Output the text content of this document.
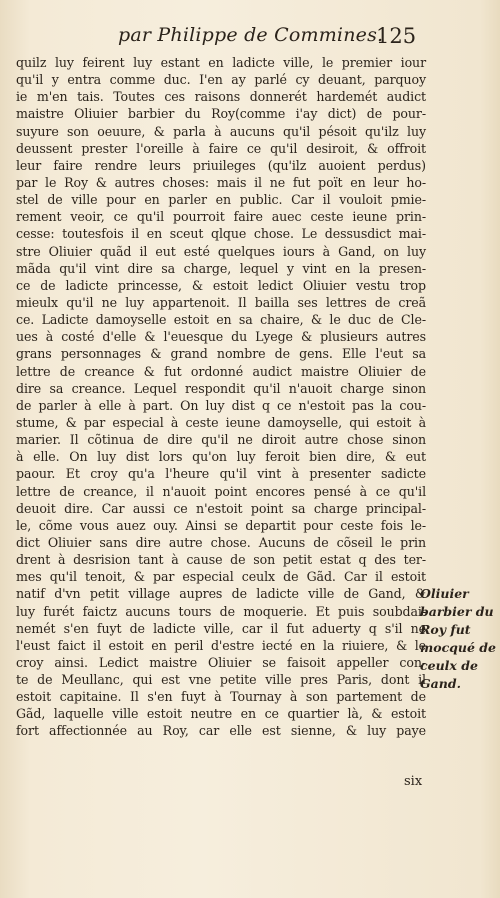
par Philippe de Commines.
125
quilz luy feirent luy estant en ladicte ville, le premier iour
qu'il y entra comme duc. I'en ay parlé cy deuant, parquoy
ie m'en tais. Toutes ces raisons donnerét hardemét audict
maistre Oliuier barbier du Roy(comme i'ay dict) de pour-
suyure son oeuure, & parla à aucuns qu'il pésoit qu'ilz luy
deussent prester l'oreille à faire ce qu'il desiroit, & offroit
leur faire rendre leurs priuileges (qu'ilz auoient perdus)
par le Roy & autres choses: mais il ne fut poït en leur ho-
stel de ville pour en parler en public. Car il vouloit pmie-
rement veoir, ce qu'il pourroit faire auec ceste ieune prin-
cesse: toutesfois il en sceut qlque chose. Le dessusdict mai-
stre Oliuier quãd il eut esté quelques iours à Gand, on luy
mãda qu'il vint dire sa charge, lequel y vint en la presen-
ce de ladicte princesse, & estoit ledict Oliuier vestu trop
mieulx qu'il ne luy appartenoit. Il bailla ses lettres de creã
ce. Ladicte damoyselle estoit en sa chaire, & le duc de Cle-
ues à costé d'elle & l'euesque du Lyege & plusieurs autres
grans personnages & grand nombre de gens. Elle l'eut sa
lettre de creance & fut ordonné audict maistre Oliuier de
dire sa creance. Lequel respondit qu'il n'auoit charge sinon
de parler à elle à part. On luy dist q ce n'estoit pas la cou-
stume, & par especial à ceste ieune damoyselle, qui estoit à
marier. Il cõtinua de dire qu'il ne diroit autre chose sinon
à elle. On luy dist lors qu'on luy feroit bien dire, & eut
paour. Et croy qu'a l'heure qu'il vint à presenter sadicte
lettre de creance, il n'auoit point encores pensé à ce qu'il
deuoit dire. Car aussi ce n'estoit point sa charge principal-
le, cõme vous auez ouy. Ainsi se departit pour ceste fois le-
dict Oliuier sans dire autre chose. Aucuns de cõseil le prin
drent à desrision tant à cause de son petit estat q des ter-
mes qu'il tenoit, & par especial ceulx de Gãd. Car il estoit
natif d'vn petit village aupres de ladicte ville de Gand, &
luy furét faictz aucuns tours de moquerie. Et puis soubdai-
nemét s'en fuyt de ladicte ville, car il fut aduerty q s'il ne
l'eust faict il estoit en peril d'estre iecté en la riuiere, & le
croy ainsi. Ledict maistre Oliuier se faisoit appeller con-
te de Meullanc, qui est vne petite ville pres Paris, dont il
estoit capitaine. Il s'en fuyt à Tournay à son partement de
Gãd, laquelle ville estoit neutre en ce quartier là, & estoit
fort affectionnée au Roy, car elle est sienne, & luy paye
Oliuier
barbier du
Roy fut
mocqué de
ceulx de
Gand.
six
